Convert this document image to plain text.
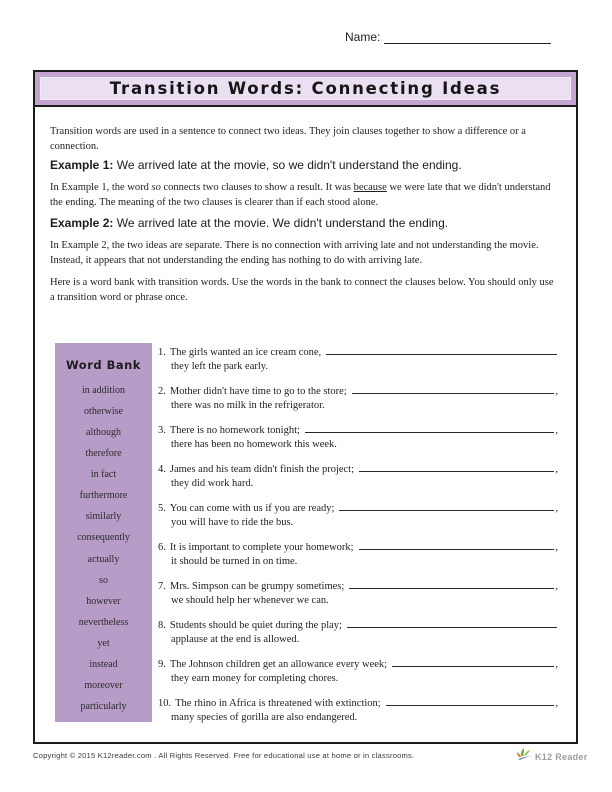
Name:
Transition Words: Connecting Ideas

Transition words are used in a sentence to connect two ideas. They join clauses together to show a difference or a connection.

Example 1: We arrived late at the movie, so we didn't understand the ending.

In Example 1, the word so connects two clauses to show a result. It was because we were late that we didn't understand the ending. The meaning of the two clauses is clearer than if each stood alone.

Example 2: We arrived late at the movie. We didn't understand the ending.

In Example 2, the two ideas are separate. There is no connection with arriving late and not understanding the movie. Instead, it appears that not understanding the ending has nothing to do with arriving late.

Here is a word bank with transition words. Use the words in the bank to connect the clauses below. You should only use a transition word or phrase once.

Word Bank
in addition
otherwise
although
therefore
in fact
furthermore
similarly
consequently
actually
so
however
nevertheless
yet
instead
moreover
particularly
1. The girls wanted an ice cream cone,
they left the park early.
2. Mother didn't have time to go to the store;	,
there was no milk in the refrigerator.
3. There is no homework tonight;	,
there has been no homework this week.
4. James and his team didn't finish the project;	,
they did work hard.
5. You can come with us if you are ready;	,
you will have to ride the bus.
6. It is important to complete your homework;	,
it should be turned in on time.
7. Mrs. Simpson can be grumpy sometimes;	,
we should help her whenever we can.
8. Students should be quiet during the play;
applause at the end is allowed.
9. The Johnson children get an allowance every week;	,
they earn money for completing chores.
10. The rhino in Africa is threatened with extinction;	,
many species of gorilla are also endangered.
Copyright © 2015 K12reader.com . All Rights Reserved. Free for educational use at home or in classrooms.	K12 Reader
